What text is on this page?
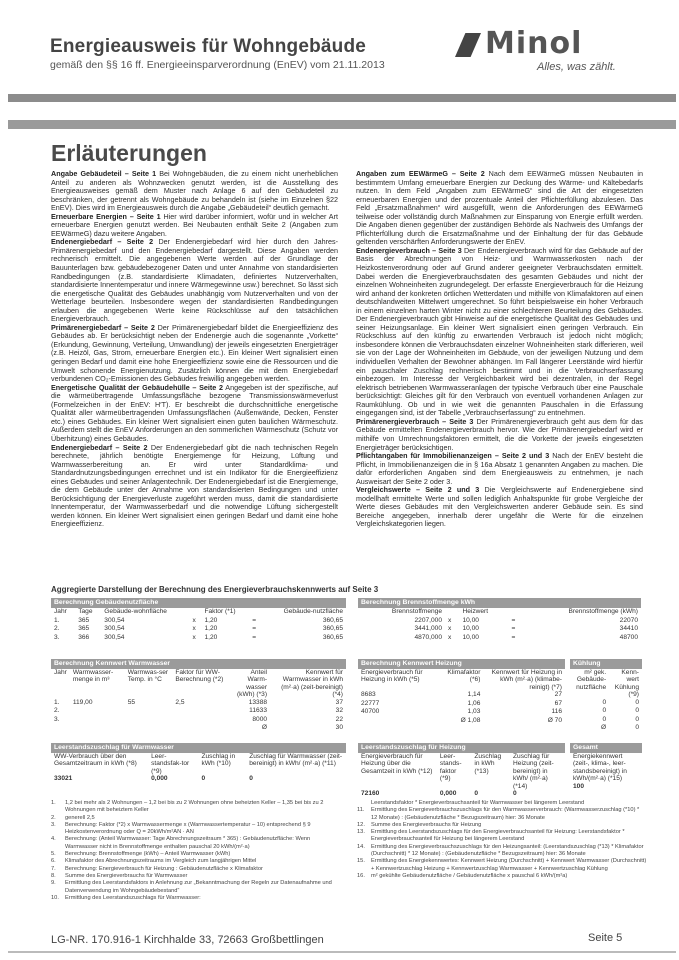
Energieausweis für Wohngebäude
gemäß den §§ 16 ff. Energieeinsparverordnung (EnEV) vom 21.11.2013
Minol
Alles, was zählt.
Erläuterungen

Angabe Gebäudeteil – Seite 1 Bei Wohngebäuden, die zu einem nicht unerheblichen Anteil zu anderen als Wohnzwecken genutzt werden, ist die Ausstellung des Energieausweises gemäß dem Muster nach Anlage 6 auf den Gebäudeteil zu beschränken, der getrennt als Wohngebäude zu behandeln ist (siehe im Einzelnen §22 EnEV). Dies wird im Energieausweis durch die Angabe „Gebäudeteil“ deutlich gemacht.

Erneuerbare Energien – Seite 1 Hier wird darüber informiert, wofür und in welcher Art erneuerbare Energien genutzt werden. Bei Neubauten enthält Seite 2 (Angaben zum EEWärmeG) dazu weitere Angaben.

Endenergiebedarf – Seite 2 Der Endenergiebedarf wird hier durch den Jahres-Primärenergiebedarf und den Endenergiebedarf dargestellt. Diese Angaben werden rechnerisch ermittelt. Die angegebenen Werte werden auf der Grundlage der Bauunterlagen bzw. gebäudebezogener Daten und unter Annahme von standardisierten Randbedingungen (z.B. standardisierte Klimadaten, definiertes Nutzerverhalten, standardisierte Innentemperatur und innere Wärmegewinne usw.) berechnet. So lässt sich die energetische Qualität des Gebäudes unabhängig vom Nutzerverhalten und von der Wetterlage beurteilen. Insbesondere wegen der standardisierten Randbedingungen erlauben die angegebenen Werte keine Rückschlüsse auf den tatsächlichen Energieverbrauch.

Primärenergiebedarf – Seite 2 Der Primärenergiebedarf bildet die Energieeffizienz des Gebäudes ab. Er berücksichtigt neben der Endenergie auch die sogenannte „Vorkette“ (Erkundung, Gewinnung, Verteilung, Umwandlung) der jeweils eingesetzten Energieträger (z.B. Heizöl, Gas, Strom, erneuerbare Energien etc.). Ein kleiner Wert signalisiert einen geringen Bedarf und damit eine hohe Energieeffizienz sowie eine die Ressourcen und die Umwelt schonende Energienutzung. Zusätzlich können die mit dem Energiebedarf verbundenen CO₂-Emissionen des Gebäudes freiwillig angegeben werden.

Energetische Qualität der Gebäudehülle – Seite 2 Angegeben ist der spezifische, auf die wärmeübertragende Umfassungsfläche bezogene Transmissionswärmeverlust (Formelzeichen in der EnEV: H′T). Er beschreibt die durchschnittliche energetische Qualität aller wärmeübertragenden Umfassungsflächen (Außenwände, Decken, Fenster etc.) eines Gebäudes. Ein kleiner Wert signalisiert einen guten baulichen Wärmeschutz. Außerdem stellt die EnEV Anforderungen an den sommerlichen Wärmeschutz (Schutz vor Überhitzung) eines Gebäudes.

Endenergiebedarf – Seite 2 Der Endenergiebedarf gibt die nach technischen Regeln berechnete, jährlich benötigte Energiemenge für Heizung, Lüftung und Warmwasserbereitung an. Er wird unter Standardklima- und Standardnutzungsbedingungen errechnet und ist ein Indikator für die Energieeffizienz eines Gebäudes und seiner Anlagentechnik. Der Endenergiebedarf ist die Energiemenge, die dem Gebäude unter der Annahme von standardisierten Bedingungen und unter Berücksichtigung der Energieverluste zugeführt werden muss, damit die standardisierte Innentemperatur, der Warmwasserbedarf und die notwendige Lüftung sichergestellt werden können. Ein kleiner Wert signalisiert einen geringen Bedarf und damit eine hohe Energieeffizienz.

Angaben zum EEWärmeG – Seite 2 Nach dem EEWärmeG müssen Neubauten in bestimmtem Umfang erneuerbare Energien zur Deckung des Wärme- und Kältebedarfs nutzen. In dem Feld „Angaben zum EEWärmeG“ sind die Art der eingesetzten erneuerbaren Energien und der prozentuale Anteil der Pflichterfüllung abzulesen. Das Feld „Ersatzmaßnahmen“ wird ausgefüllt, wenn die Anforderungen des EEWärmeG teilweise oder vollständig durch Maßnahmen zur Einsparung von Energie erfüllt werden. Die Angaben dienen gegenüber der zuständigen Behörde als Nachweis des Umfangs der Pflichterfüllung durch die Ersatzmaßnahme und der Einhaltung der für das Gebäude geltenden verschärften Anforderungswerte der EnEV.

Endenergieverbrauch – Seite 3 Der Endenergieverbrauch wird für das Gebäude auf der Basis der Abrechnungen von Heiz- und Warmwasserkosten nach der Heizkostenverordnung oder auf Grund anderer geeigneter Verbrauchsdaten ermittelt. Dabei werden die Energieverbrauchsdaten des gesamten Gebäudes und nicht der einzelnen Wohneinheiten zugrundegelegt. Der erfasste Energieverbrauch für die Heizung wird anhand der konkreten örtlichen Wetterdaten und mithilfe von Klimafaktoren auf einen deutschlandweiten Mittelwert umgerechnet. So führt beispielsweise ein hoher Verbrauch in einem einzelnen harten Winter nicht zu einer schlechteren Beurteilung des Gebäudes. Der Endenergieverbrauch gibt Hinweise auf die energetische Qualität des Gebäudes und seiner Heizungsanlage. Ein kleiner Wert signalisiert einen geringen Verbrauch. Ein Rückschluss auf den künftig zu erwartenden Verbrauch ist jedoch nicht möglich; insbesondere können die Verbrauchsdaten einzelner Wohneinheiten stark differieren, weil sie von der Lage der Wohneinheiten im Gebäude, von der jeweiligen Nutzung und dem individuellen Verhalten der Bewohner abhängen. Im Fall längerer Leerstände wird hierfür ein pauschaler Zuschlag rechnerisch bestimmt und in die Verbrauchserfassung einbezogen. Im Interesse der Vergleichbarkeit wird bei dezentralen, in der Regel elektrisch betriebenen Warmwasseranlagen der typische Verbrauch über eine Pauschale berücksichtigt: Gleiches gilt für den Verbrauch von eventuell vorhandenen Anlagen zur Raumkühlung. Ob und in wie weit die genannten Pauschalen in die Erfassung eingegangen sind, ist der Tabelle „Verbrauchserfassung“ zu entnehmen.

Primärenergieverbrauch – Seite 3 Der Primärenergieverbrauch geht aus dem für das Gebäude ermittelten Endenergieverbrauch hervor. Wie der Primärenergiebedarf wird er mithilfe von Umrechnungsfaktoren ermittelt, die die Vorkette der jeweils eingesetzten Energieträger berücksichtigen.

Pflichtangaben für Immobilienanzeigen – Seite 2 und 3 Nach der EnEV besteht die Pflicht, in Immobilienanzeigen die in § 16a Absatz 1 genannten Angaben zu machen. Die dafür erforderlichen Angaben sind dem Energieausweis zu entnehmen, je nach Ausweisart der Seite 2 oder 3.

Vergleichswerte – Seite 2 und 3 Die Vergleichswerte auf Endenergiebene sind modellhaft ermittelte Werte und sollen lediglich Anhaltspunkte für grobe Vergleiche der Werte dieses Gebäudes mit den Vergleichswerten anderer Gebäude sein. Es sind Bereiche angegeben, innerhalb derer ungefähr die Werte für die einzelnen Vergleichskategorien liegen.

Aggregierte Darstellung der Berechnung des Energieverbrauchskennwerts auf Seite 3
Berechnung Gebäudenutzfläche						
Jahr	Tage	Gebäude-wohnfläche		Faktor (*1)		Gebäude-nutzfläche
1.	365	300,54	x	1,20	=	360,65
2.	365	300,54	x	1,20	=	360,65
3.	366	300,54	x	1,20	=	360,65
Berechnung Brennstoffmenge kWh				
Brennstoffmenge		Heizwert		Brennstoffmenge (kWh)
2207,000	x	10,00	=	22070
3441,000	x	10,00	=	34410
4870,000	x	10,00	=	48700
Berechnung Kennwert Warmwasser					
Jahr	Warmwasser-menge in m³	Warmwas-ser Temp. in °C	Faktor für WW-Berechnung (*2)	Anteil Warm-wasser (kWh) (*3)	Kennwert für Warmwasser in kWh (m²·a) (zeit-bereinigt) (*4)
1.	119,00	55	2,5	13388	37
2.				11633	32
3.				8000	22
				Ø	30
Berechnung Kennwert Heizung		
Energieverbrauch für Heizung in kWh (*5)	Klimafaktor (*6)	Kennwert für Heizung in kWh (m²·a) (klimabe-reinigt) (*7)
8683	1,14	27
22777	1,06	67
40700	1,03	116
	Ø 1,08	Ø 70
Kühlung	
m² gek. Gebäude-nutzfläche	Kenn-wert Kühlung (*9)
0	0
0	0
0	0
Ø	0
Leerstandszuschlag für Warmwasser			
WW-Verbrauch über den Gesamtzeitraum in kWh (*8)	Leer-standsfak-tor (*9)	Zuschlag in kWh (*10)	Zuschlag für Warmwasser (zeit-bereinigt) in kWh/ (m²·a) (*11)
33021	0,000	0	0
Leerstandszuschlag für Heizung			
Energieverbrauch für Heizung über die Gesamtzeit in kWh (*12)	Leer-stands-faktor (*9)	Zuschlag in kWh (*13)	Zuschlag für Heizung (zeit-bereinigt) in kWh/ (m²·a) (*14)
72160	0,000	0	0
Gesamt
Energiekennwert (zeit-, klima-, leer-standsbereinigt) in kWh/(m²·a) (*15)
100
1.	1,2 bei mehr als 2 Wohnungen – 1,2 bei bis zu 2 Wohnungen ohne beheizten Keller – 1,35 bei bis zu 2 Wohnungen mit beheiztem Keller
2.	generell 2,5
3.	Berechnung: Faktor (*2) x Warmwassermenge x (Warmwassertemperatur – 10) entsprechend § 9 Heizkostenverordnung oder Q = 20kWh/m²AN · AN
4.	Berechnung: (Anteil Warmwasser: Tage Abrechnungszeitraum * 365) : Gebäudenutzfläche: Wenn Warmwasser nicht in Brennstoffmenge enthalten pauschal 20 kWh/(m²·a)
5.	Berechnung: Brennstoffmenge (kWh) – Anteil Warmwasser (kWh)
6.	Klimafaktor des Abrechnungszeitraums im Vergleich zum langjährigen Mittel
7.	Berechnung: Energieverbrauch für Heizung : Gebäudenutzfläche x Klimafaktor
8.	Summe des Energieverbrauchs für Warmwasser
9.	Ermittlung des Leerstandsfaktors in Anlehnung zur „Bekanntmachung der Regeln zur Datenaufnahme und Datenverwendung im Wohngebäudebestand“
10.	Ermittlung des Leerstandszuschlags für Warmwasser:
Leerstandsfaktor * Energieverbrauchsanteil für Warmwasser bei längerem Leerstand
11.	Ermittlung des Energieverbrauchszuschlags für den Warmwasserverbrauch: (Warmwasserzuschlag (*10) * 12 Monate) : (Gebäudenutzfläche * Bezugszeitraum) hier: 36 Monate
12.	Summe des Energieverbrauchs für Heizung
13.	Ermittlung des Leerstandszuschlags für den Energieverbrauchsanteil für Heizung: Leerstandsfaktor * Energieverbrauchsanteil für Heizung bei längerem Leerstand
14.	Ermittlung des Energieverbrauchszuschlags für den Heizungsanteil: (Leerstandszuschlag (*13) * Klimafaktor (Durchschnitt) * 12 Monate) : (Gebäudenutzfläche * Bezugszeitraum) hier: 36 Monate
15.	Ermittlung des Energiekennwertes: Kennwert Heizung (Durchschnitt) + Kennwert Warmwasser (Durchschnitt) + Kennwertzuschlag Heizung + Kennwertzuschlag Warmwasser + Kennwertzuschlag Kühlung
16.	m² gekühlte Gebäudenutzfläche / Gebäudenutzfläche x pauschal 6 kWh/(m²a)
LG-NR. 170.916-1 Kirchhalde 33, 72663 Großbettlingen	Seite 5
